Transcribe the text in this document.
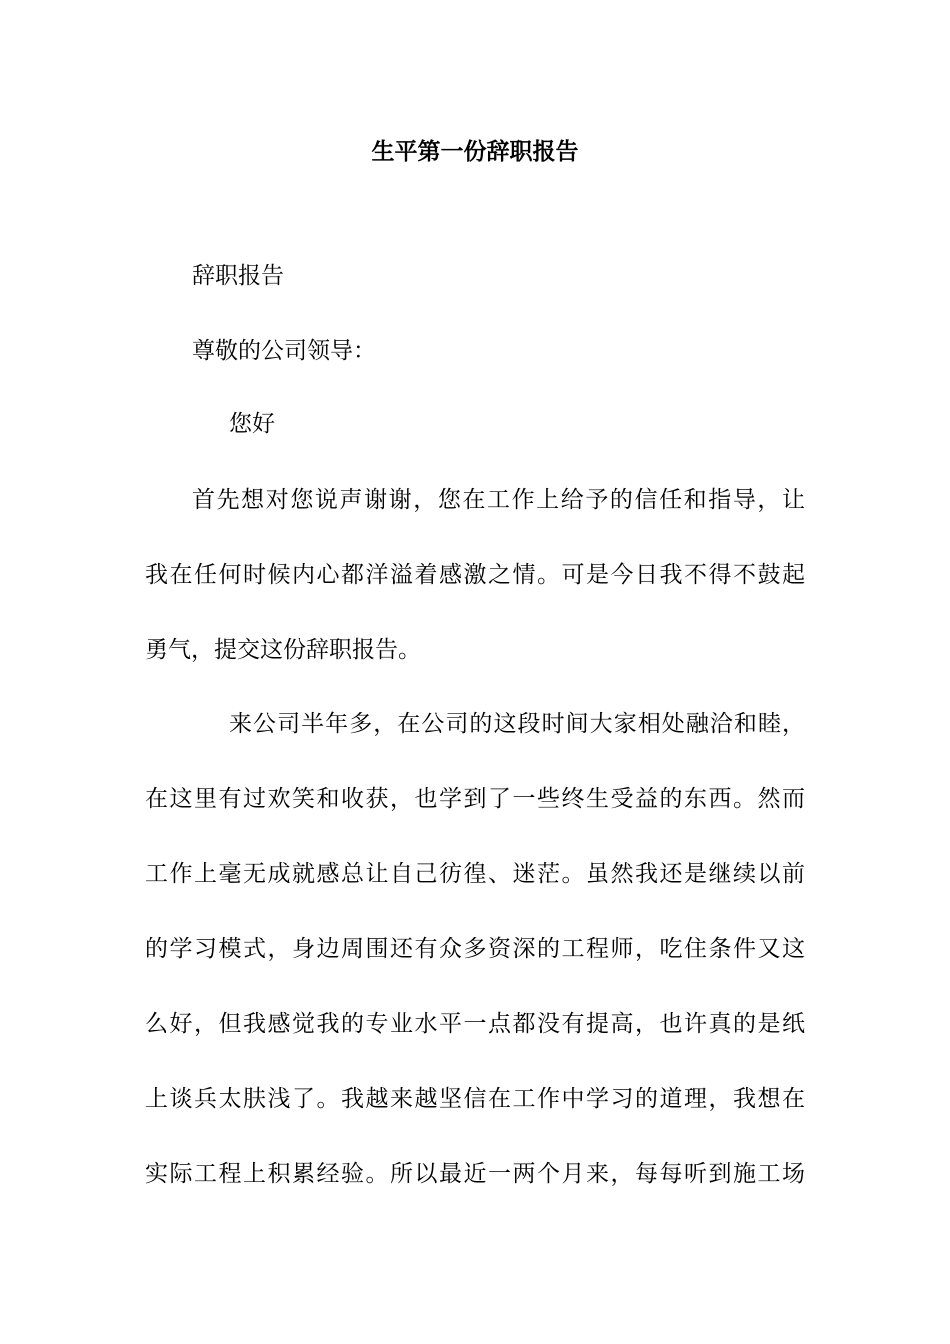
生平第一份辞职报告
辞职报告
尊敬的公司领导：
您好
首先想对您说声谢谢，您在工作上给予的信任和指导，让
我在任何时候内心都洋溢着感激之情。可是今日我不得不鼓起
勇气，提交这份辞职报告。
来公司半年多，在公司的这段时间大家相处融洽和睦，
在这里有过欢笑和收获，也学到了一些终生受益的东西。然而
工作上毫无成就感总让自己彷徨、迷茫。虽然我还是继续以前
的学习模式，身边周围还有众多资深的工程师，吃住条件又这
么好，但我感觉我的专业水平一点都没有提高，也许真的是纸
上谈兵太肤浅了。我越来越坚信在工作中学习的道理，我想在
实际工程上积累经验。所以最近一两个月来，每每听到施工场
